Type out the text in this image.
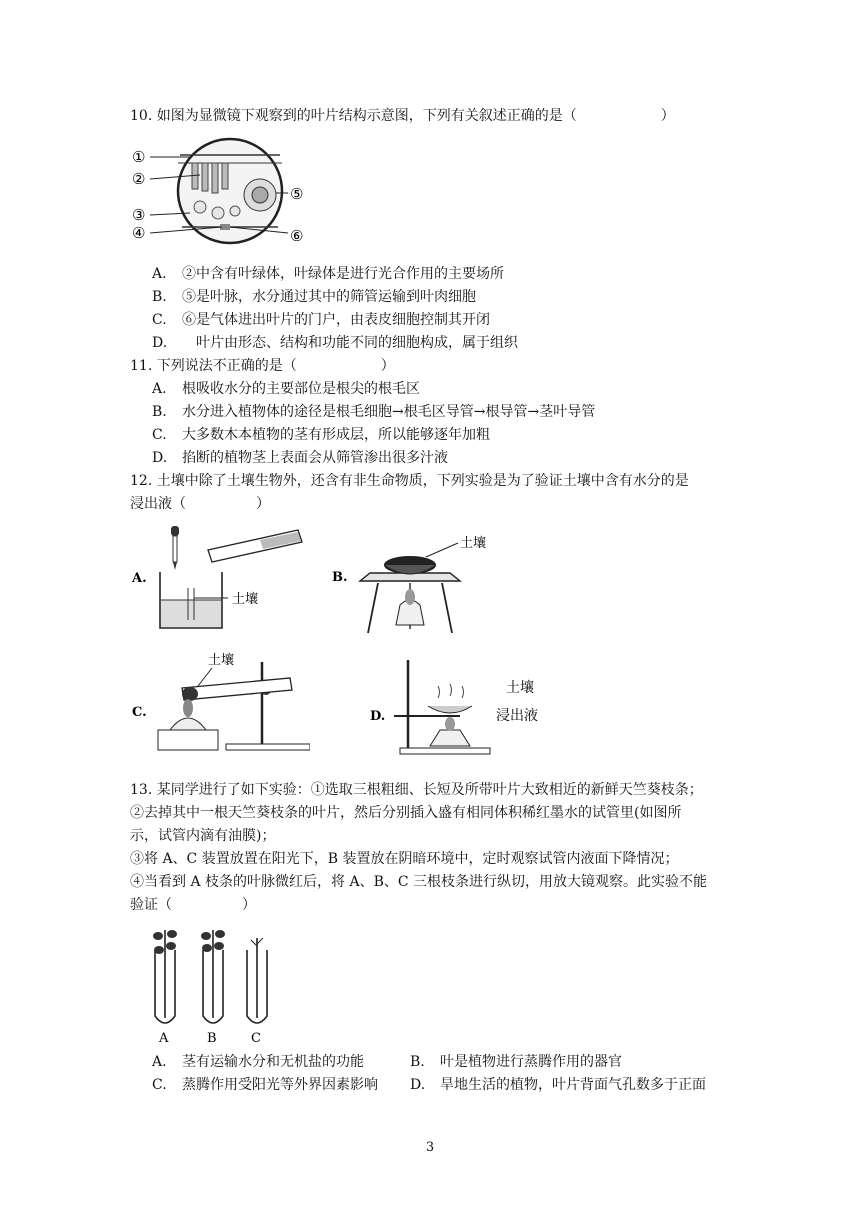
10. 如图为显微镜下观察到的叶片结构示意图，下列有关叙述正确的是（　　　　　　）
①
②
③
④
⑤
⑥
A. ②中含有叶绿体，叶绿体是进行光合作用的主要场所
B. ⑤是叶脉，水分通过其中的筛管运输到叶肉细胞
C. ⑥是气体进出叶片的门户，由表皮细胞控制其开闭
D.　叶片由形态、结构和功能不同的细胞构成，属于组织
11. 下列说法不正确的是（　　　　　　）
A. 根吸收水分的主要部位是根尖的根毛区
B. 水分进入植物体的途径是根毛细胞→根毛区导管→根导管→茎叶导管
C. 大多数木本植物的茎有形成层，所以能够逐年加粗
D. 掐断的植物茎上表面会从筛管渗出很多汁液
12. 土壤中除了土壤生物外，还含有非生命物质，下列实验是为了验证土壤中含有水分的是
浸出液（　　　　　）
A.
土壤
B.
土壤
C.
土壤
D.
土壤
浸出液
13. 某同学进行了如下实验：①选取三根粗细、长短及所带叶片大致相近的新鲜天竺葵枝条；
②去掉其中一根天竺葵枝条的叶片，然后分别插入盛有相同体积稀红墨水的试管里(如图所
示，试管内滴有油膜)；
③将 A、C 装置放置在阳光下，B 装置放在阴暗环境中，定时观察试管内液面下降情况；
④当看到 A 枝条的叶脉微红后，将 A、B、C 三根枝条进行纵切，用放大镜观察。此实验不能
验证（　　　　　）
A	B	C
A. 茎有运输水分和无机盐的功能	B. 叶是植物进行蒸腾作用的器官
C. 蒸腾作用受阳光等外界因素影响 D. 旱地生活的植物，叶片背面气孔数多于正面
3
